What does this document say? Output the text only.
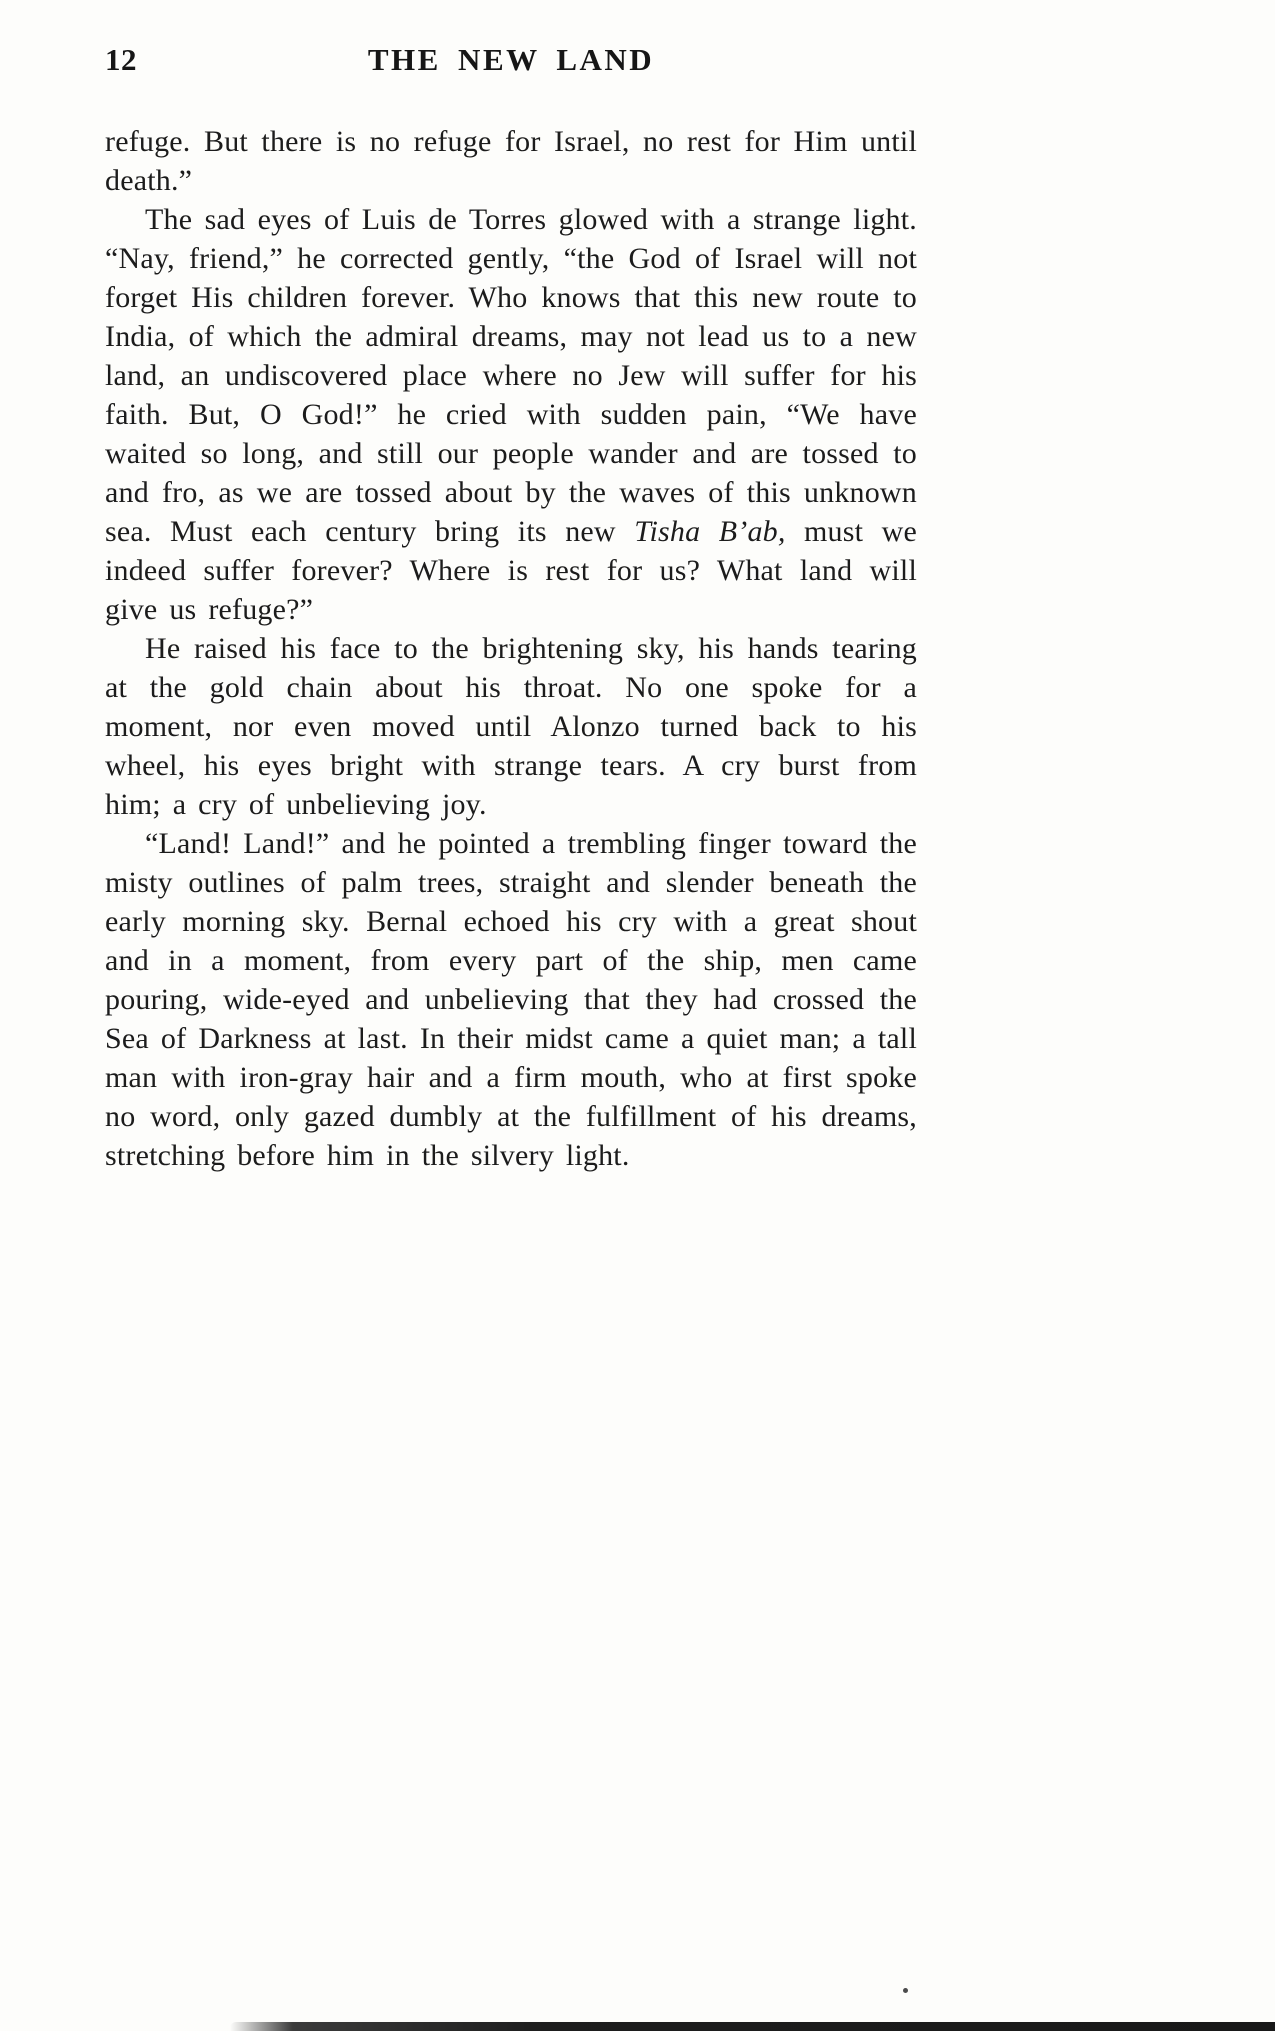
12	THE NEW LAND

refuge. But there is no refuge for Israel, no rest for Him until death.”

The sad eyes of Luis de Torres glowed with a strange light. “Nay, friend,” he corrected gently, “the God of Israel will not forget His children forever. Who knows that this new route to India, of which the admiral dreams, may not lead us to a new land, an undiscovered place where no Jew will suffer for his faith. But, O God!” he cried with sudden pain, “We have waited so long, and still our people wander and are tossed to and fro, as we are tossed about by the waves of this unknown sea. Must each century bring its new Tisha B’ab, must we indeed suffer forever? Where is rest for us? What land will give us refuge?”

He raised his face to the brightening sky, his hands tearing at the gold chain about his throat. No one spoke for a moment, nor even moved until Alonzo turned back to his wheel, his eyes bright with strange tears. A cry burst from him; a cry of unbelieving joy.

“Land! Land!” and he pointed a trembling finger toward the misty outlines of palm trees, straight and slender beneath the early morning sky. Bernal echoed his cry with a great shout and in a moment, from every part of the ship, men came pouring, wide-eyed and unbelieving that they had crossed the Sea of Darkness at last. In their midst came a quiet man; a tall man with iron-gray hair and a firm mouth, who at first spoke no word, only gazed dumbly at the fulfillment of his dreams, stretching before him in the silvery light.
